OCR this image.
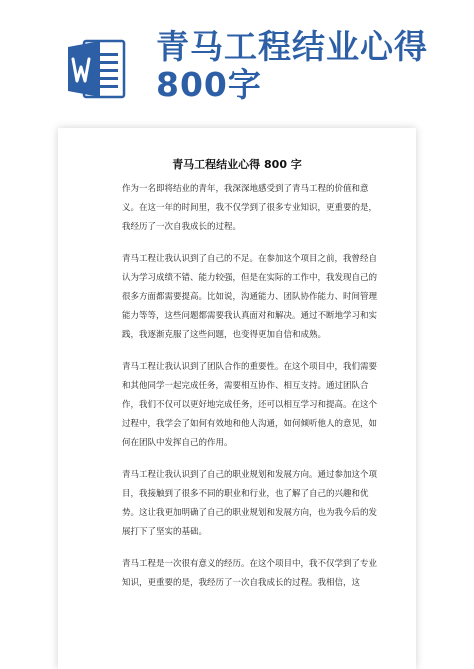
青马工程结业心得800字
青马工程结业心得 800 字

作为一名即将结业的青年，我深深地感受到了青马工程的价值和意义。在这一年的时间里，我不仅学到了很多专业知识，更重要的是，我经历了一次自我成长的过程。

青马工程让我认识到了自己的不足。在参加这个项目之前，我曾经自认为学习成绩不错、能力较强，但是在实际的工作中，我发现自己的很多方面都需要提高。比如说，沟通能力、团队协作能力、时间管理能力等等，这些问题都需要我认真面对和解决。通过不断地学习和实践，我逐渐克服了这些问题，也变得更加自信和成熟。

青马工程让我认识到了团队合作的重要性。在这个项目中，我们需要和其他同学一起完成任务，需要相互协作、相互支持。通过团队合作，我们不仅可以更好地完成任务，还可以相互学习和提高。在这个过程中，我学会了如何有效地和他人沟通，如何倾听他人的意见，如何在团队中发挥自己的作用。

青马工程让我认识到了自己的职业规划和发展方向。通过参加这个项目，我接触到了很多不同的职业和行业，也了解了自己的兴趣和优势。这让我更加明确了自己的职业规划和发展方向，也为我今后的发展打下了坚实的基础。

青马工程是一次很有意义的经历。在这个项目中，我不仅学到了专业知识，更重要的是，我经历了一次自我成长的过程。我相信，这
